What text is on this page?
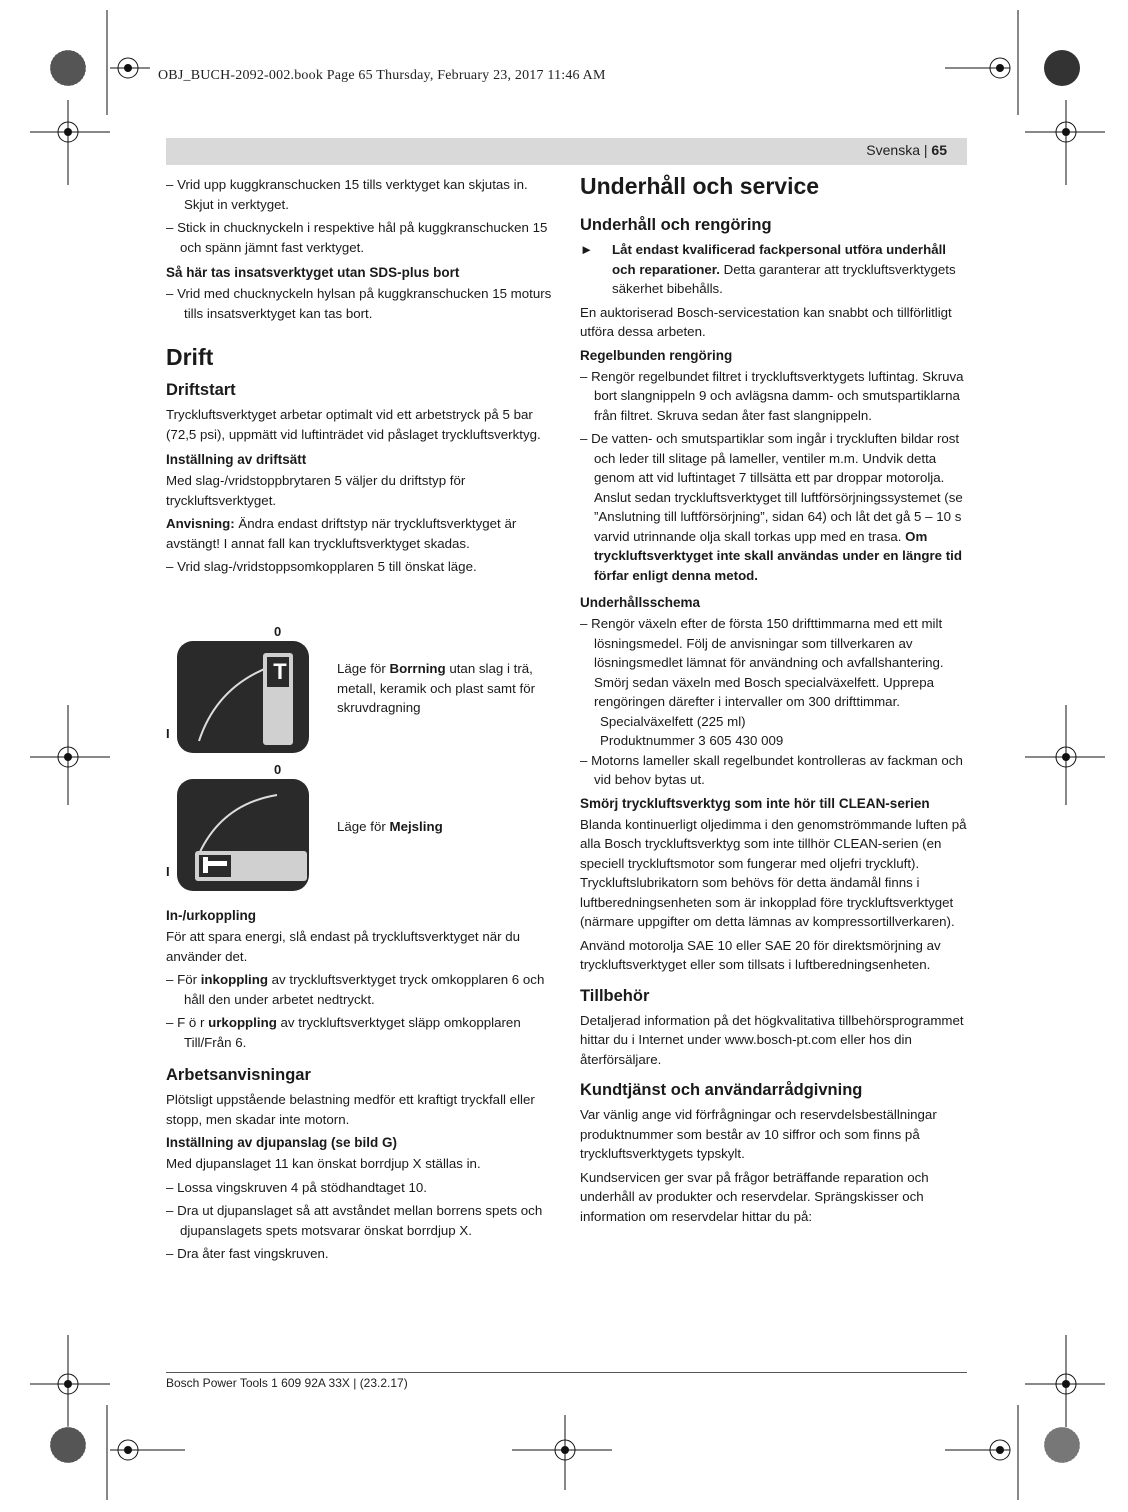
OBJ_BUCH-2092-002.book Page 65 Thursday, February 23, 2017 11:46 AM
Svenska | 65

– Vrid upp kuggkranschucken 15 tills verktyget kan skjutas in. Skjut in verktyget.

– Stick in chucknyckeln i respektive hål på kuggkranschucken 15 och spänn jämnt fast verktyget.

Så här tas insatsverktyget utan SDS-plus bort

– Vrid med chucknyckeln hylsan på kuggkranschucken 15 moturs tills insatsverktyget kan tas bort.

Drift
Driftstart

Tryckluftsverktyget arbetar optimalt vid ett arbetstryck på 5 bar (72,5 psi), uppmätt vid luftinträdet vid påslaget tryckluftsverktyg.

Inställning av driftsätt

Med slag-/vridstoppbrytaren 5 väljer du driftstyp för tryckluftsverktyget.

Anvisning: Ändra endast driftstyp när tryckluftsverktyget är avstängt! I annat fall kan tryckluftsverktyget skadas.

– Vrid slag-/vridstoppsomkopplaren 5 till önskat läge.

0
I
T	Läge för Borrning utan slag i trä, metall, keramik och plast samt för skruvdragning
0
I
Läge för Mejsling
In-/urkoppling

För att spara energi, slå endast på tryckluftsverktyget när du använder det.

– För inkoppling av tryckluftsverktyget tryck omkopplaren 6 och håll den under arbetet nedtryckt.

– F ö r urkoppling av tryckluftsverktyget släpp omkopplaren Till/Från 6.

Arbetsanvisningar

Plötsligt uppstående belastning medför ett kraftigt tryckfall eller stopp, men skadar inte motorn.

Inställning av djupanslag (se bild G)

Med djupanslaget 11 kan önskat borrdjup X ställas in.

– Lossa vingskruven 4 på stödhandtaget 10.

– Dra ut djupanslaget så att avståndet mellan borrens spets och djupanslagets spets motsvarar önskat borrdjup X.

– Dra åter fast vingskruven.

Underhåll och service
Underhåll och rengöring

► Låt endast kvalificerad fackpersonal utföra underhåll och reparationer. Detta garanterar att tryckluftsverktygets säkerhet bibehålls.

En auktoriserad Bosch-servicestation kan snabbt och tillförlitligt utföra dessa arbeten.

Regelbunden rengöring

– Rengör regelbundet filtret i tryckluftsverktygets luftintag. Skruva bort slangnippeln 9 och avlägsna damm- och smutspartiklarna från filtret. Skruva sedan åter fast slangnippeln.

– De vatten- och smutspartiklar som ingår i tryckluften bildar rost och leder till slitage på lameller, ventiler m.m. Undvik detta genom att vid luftintaget 7 tillsätta ett par droppar motorolja. Anslut sedan tryckluftsverktyget till luftförsörjningssystemet (se ”Anslutning till luftförsörjning”, sidan 64) och låt det gå 5 – 10 s varvid utrinnande olja skall torkas upp med en trasa. Om tryckluftsverktyget inte skall användas under en längre tid förfar enligt denna metod.

Underhållsschema

– Rengör växeln efter de första 150 drifttimmarna med ett milt lösningsmedel. Följ de anvisningar som tillverkaren av lösningsmedlet lämnat för användning och avfallshantering. Smörj sedan växeln med Bosch specialväxelfett. Upprepa rengöringen därefter i intervaller om 300 drifttimmar.

Specialväxelfett (225 ml)

Produktnummer 3 605 430 009

– Motorns lameller skall regelbundet kontrolleras av fackman och vid behov bytas ut.

Smörj tryckluftsverktyg som inte hör till CLEAN-serien

Blanda kontinuerligt oljedimma i den genomströmmande luften på alla Bosch tryckluftsverktyg som inte tillhör CLEAN-serien (en speciell tryckluftsmotor som fungerar med oljefri tryckluft). Tryckluftslubrikatorn som behövs för detta ändamål finns i luftberedningsenheten som är inkopplad före tryckluftsverktyget (närmare uppgifter om detta lämnas av kompressortillverkaren).

Använd motorolja SAE 10 eller SAE 20 för direktsmörjning av tryckluftsverktyget eller som tillsats i luftberedningsenheten.

Tillbehör

Detaljerad information på det högkvalitativa tillbehörsprogrammet hittar du i Internet under www.bosch-pt.com eller hos din återförsäljare.

Kundtjänst och användarrådgivning

Var vänlig ange vid förfrågningar och reservdelsbeställningar produktnummer som består av 10 siffror och som finns på tryckluftsverktygets typskylt.

Kundservicen ger svar på frågor beträffande reparation och underhåll av produkter och reservdelar. Sprängskisser och information om reservdelar hittar du på:

Bosch Power Tools 1 609 92A 33X | (23.2.17)
